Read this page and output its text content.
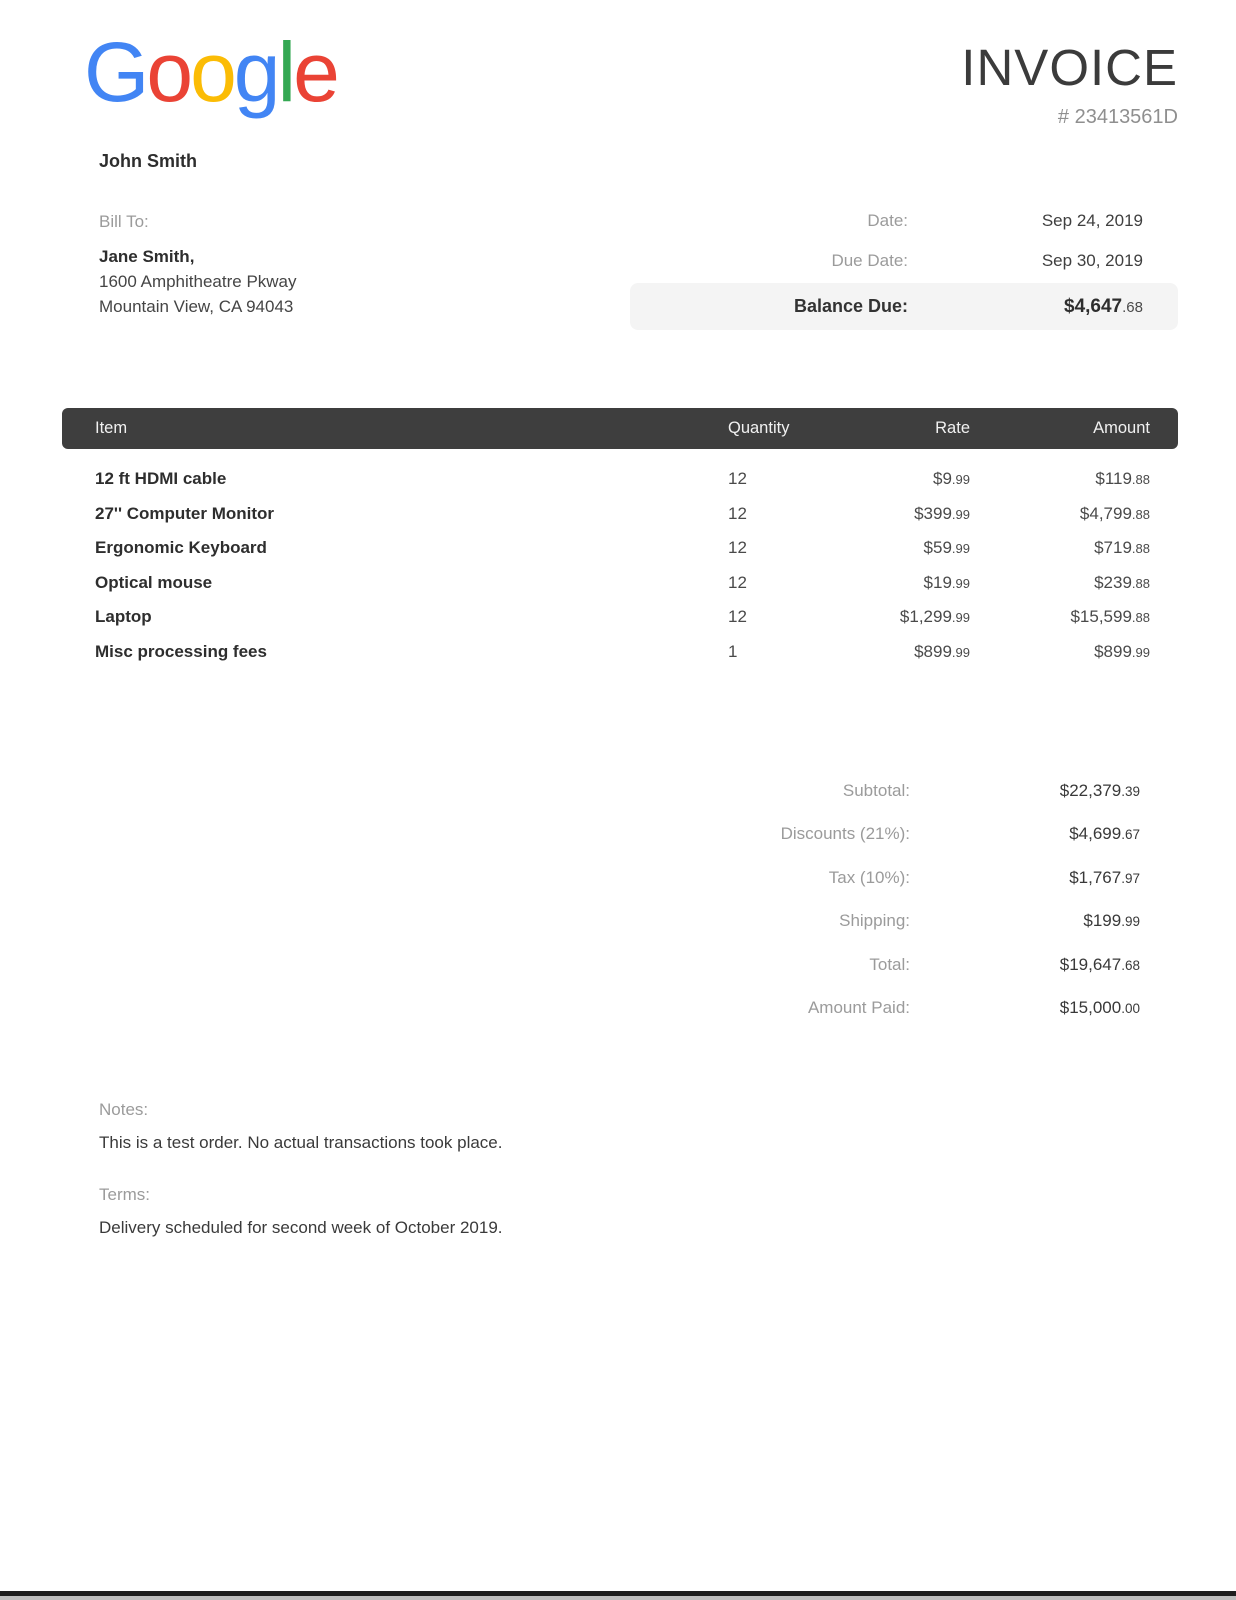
Google	INVOICE
# 23413561D
John Smith
Bill To:
Jane Smith,
1600 Amphitheatre Pkway
Mountain View, CA 94043
Date:	Sep 24, 2019
Due Date:	Sep 30, 2019
Balance Due:	$4,647.68
Item	Quantity	Rate	Amount
12 ft HDMI cable	12	$9.99	$119.88
27'' Computer Monitor	12	$399.99	$4,799.88
Ergonomic Keyboard	12	$59.99	$719.88
Optical mouse	12	$19.99	$239.88
Laptop	12	$1,299.99	$15,599.88
Misc processing fees	1	$899.99	$899.99
Subtotal:	$22,379.39
Discounts (21%):	$4,699.67
Tax (10%):	$1,767.97
Shipping:	$199.99
Total:	$19,647.68
Amount Paid:	$15,000.00
Notes:
This is a test order. No actual transactions took place.
Terms:
Delivery scheduled for second week of October 2019.
